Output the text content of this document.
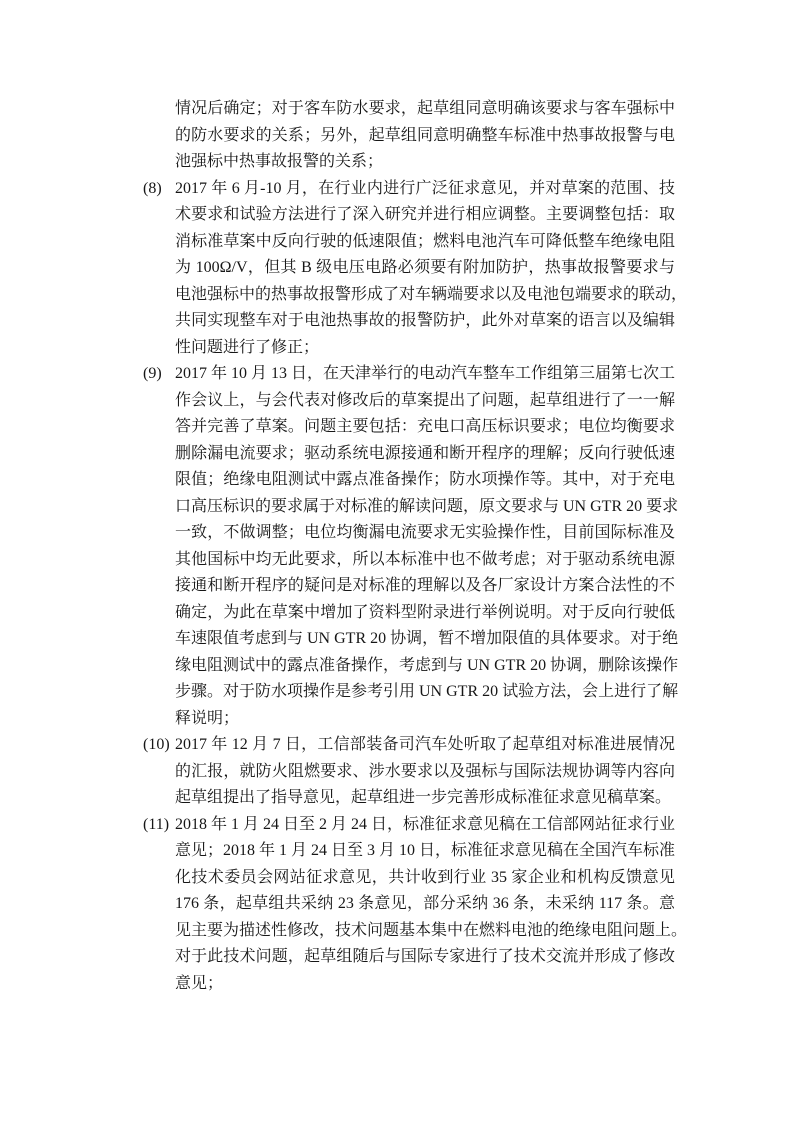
情况后确定；对于客车防水要求，起草组同意明确该要求与客车强标中
的防水要求的关系；另外，起草组同意明确整车标准中热事故报警与电
池强标中热事故报警的关系；
(8) 2017 年 6 月-10 月，在行业内进行广泛征求意见，并对草案的范围、技
术要求和试验方法进行了深入研究并进行相应调整。主要调整包括：取
消标准草案中反向行驶的低速限值；燃料电池汽车可降低整车绝缘电阻
为 100Ω/V，但其 B 级电压电路必须要有附加防护，热事故报警要求与
电池强标中的热事故报警形成了对车辆端要求以及电池包端要求的联动，
共同实现整车对于电池热事故的报警防护，此外对草案的语言以及编辑
性问题进行了修正；
(9) 2017 年 10 月 13 日，在天津举行的电动汽车整车工作组第三届第七次工
作会议上，与会代表对修改后的草案提出了问题，起草组进行了一一解
答并完善了草案。问题主要包括：充电口高压标识要求；电位均衡要求
删除漏电流要求；驱动系统电源接通和断开程序的理解；反向行驶低速
限值；绝缘电阻测试中露点准备操作；防水项操作等。其中，对于充电
口高压标识的要求属于对标准的解读问题，原文要求与 UN GTR 20 要求
一致，不做调整；电位均衡漏电流要求无实验操作性，目前国际标准及
其他国标中均无此要求，所以本标准中也不做考虑；对于驱动系统电源
接通和断开程序的疑问是对标准的理解以及各厂家设计方案合法性的不
确定，为此在草案中增加了资料型附录进行举例说明。对于反向行驶低
车速限值考虑到与 UN GTR 20 协调，暂不增加限值的具体要求。对于绝
缘电阻测试中的露点准备操作，考虑到与 UN GTR 20 协调，删除该操作
步骤。对于防水项操作是参考引用 UN GTR 20 试验方法，会上进行了解
释说明；
(10) 2017 年 12 月 7 日，工信部装备司汽车处听取了起草组对标准进展情况
的汇报，就防火阻燃要求、涉水要求以及强标与国际法规协调等内容向
起草组提出了指导意见，起草组进一步完善形成标准征求意见稿草案。
(11) 2018 年 1 月 24 日至 2 月 24 日，标准征求意见稿在工信部网站征求行业
意见；2018 年 1 月 24 日至 3 月 10 日，标准征求意见稿在全国汽车标准
化技术委员会网站征求意见，共计收到行业 35 家企业和机构反馈意见
176 条，起草组共采纳 23 条意见，部分采纳 36 条，未采纳 117 条。意
见主要为描述性修改，技术问题基本集中在燃料电池的绝缘电阻问题上。
对于此技术问题，起草组随后与国际专家进行了技术交流并形成了修改
意见；
